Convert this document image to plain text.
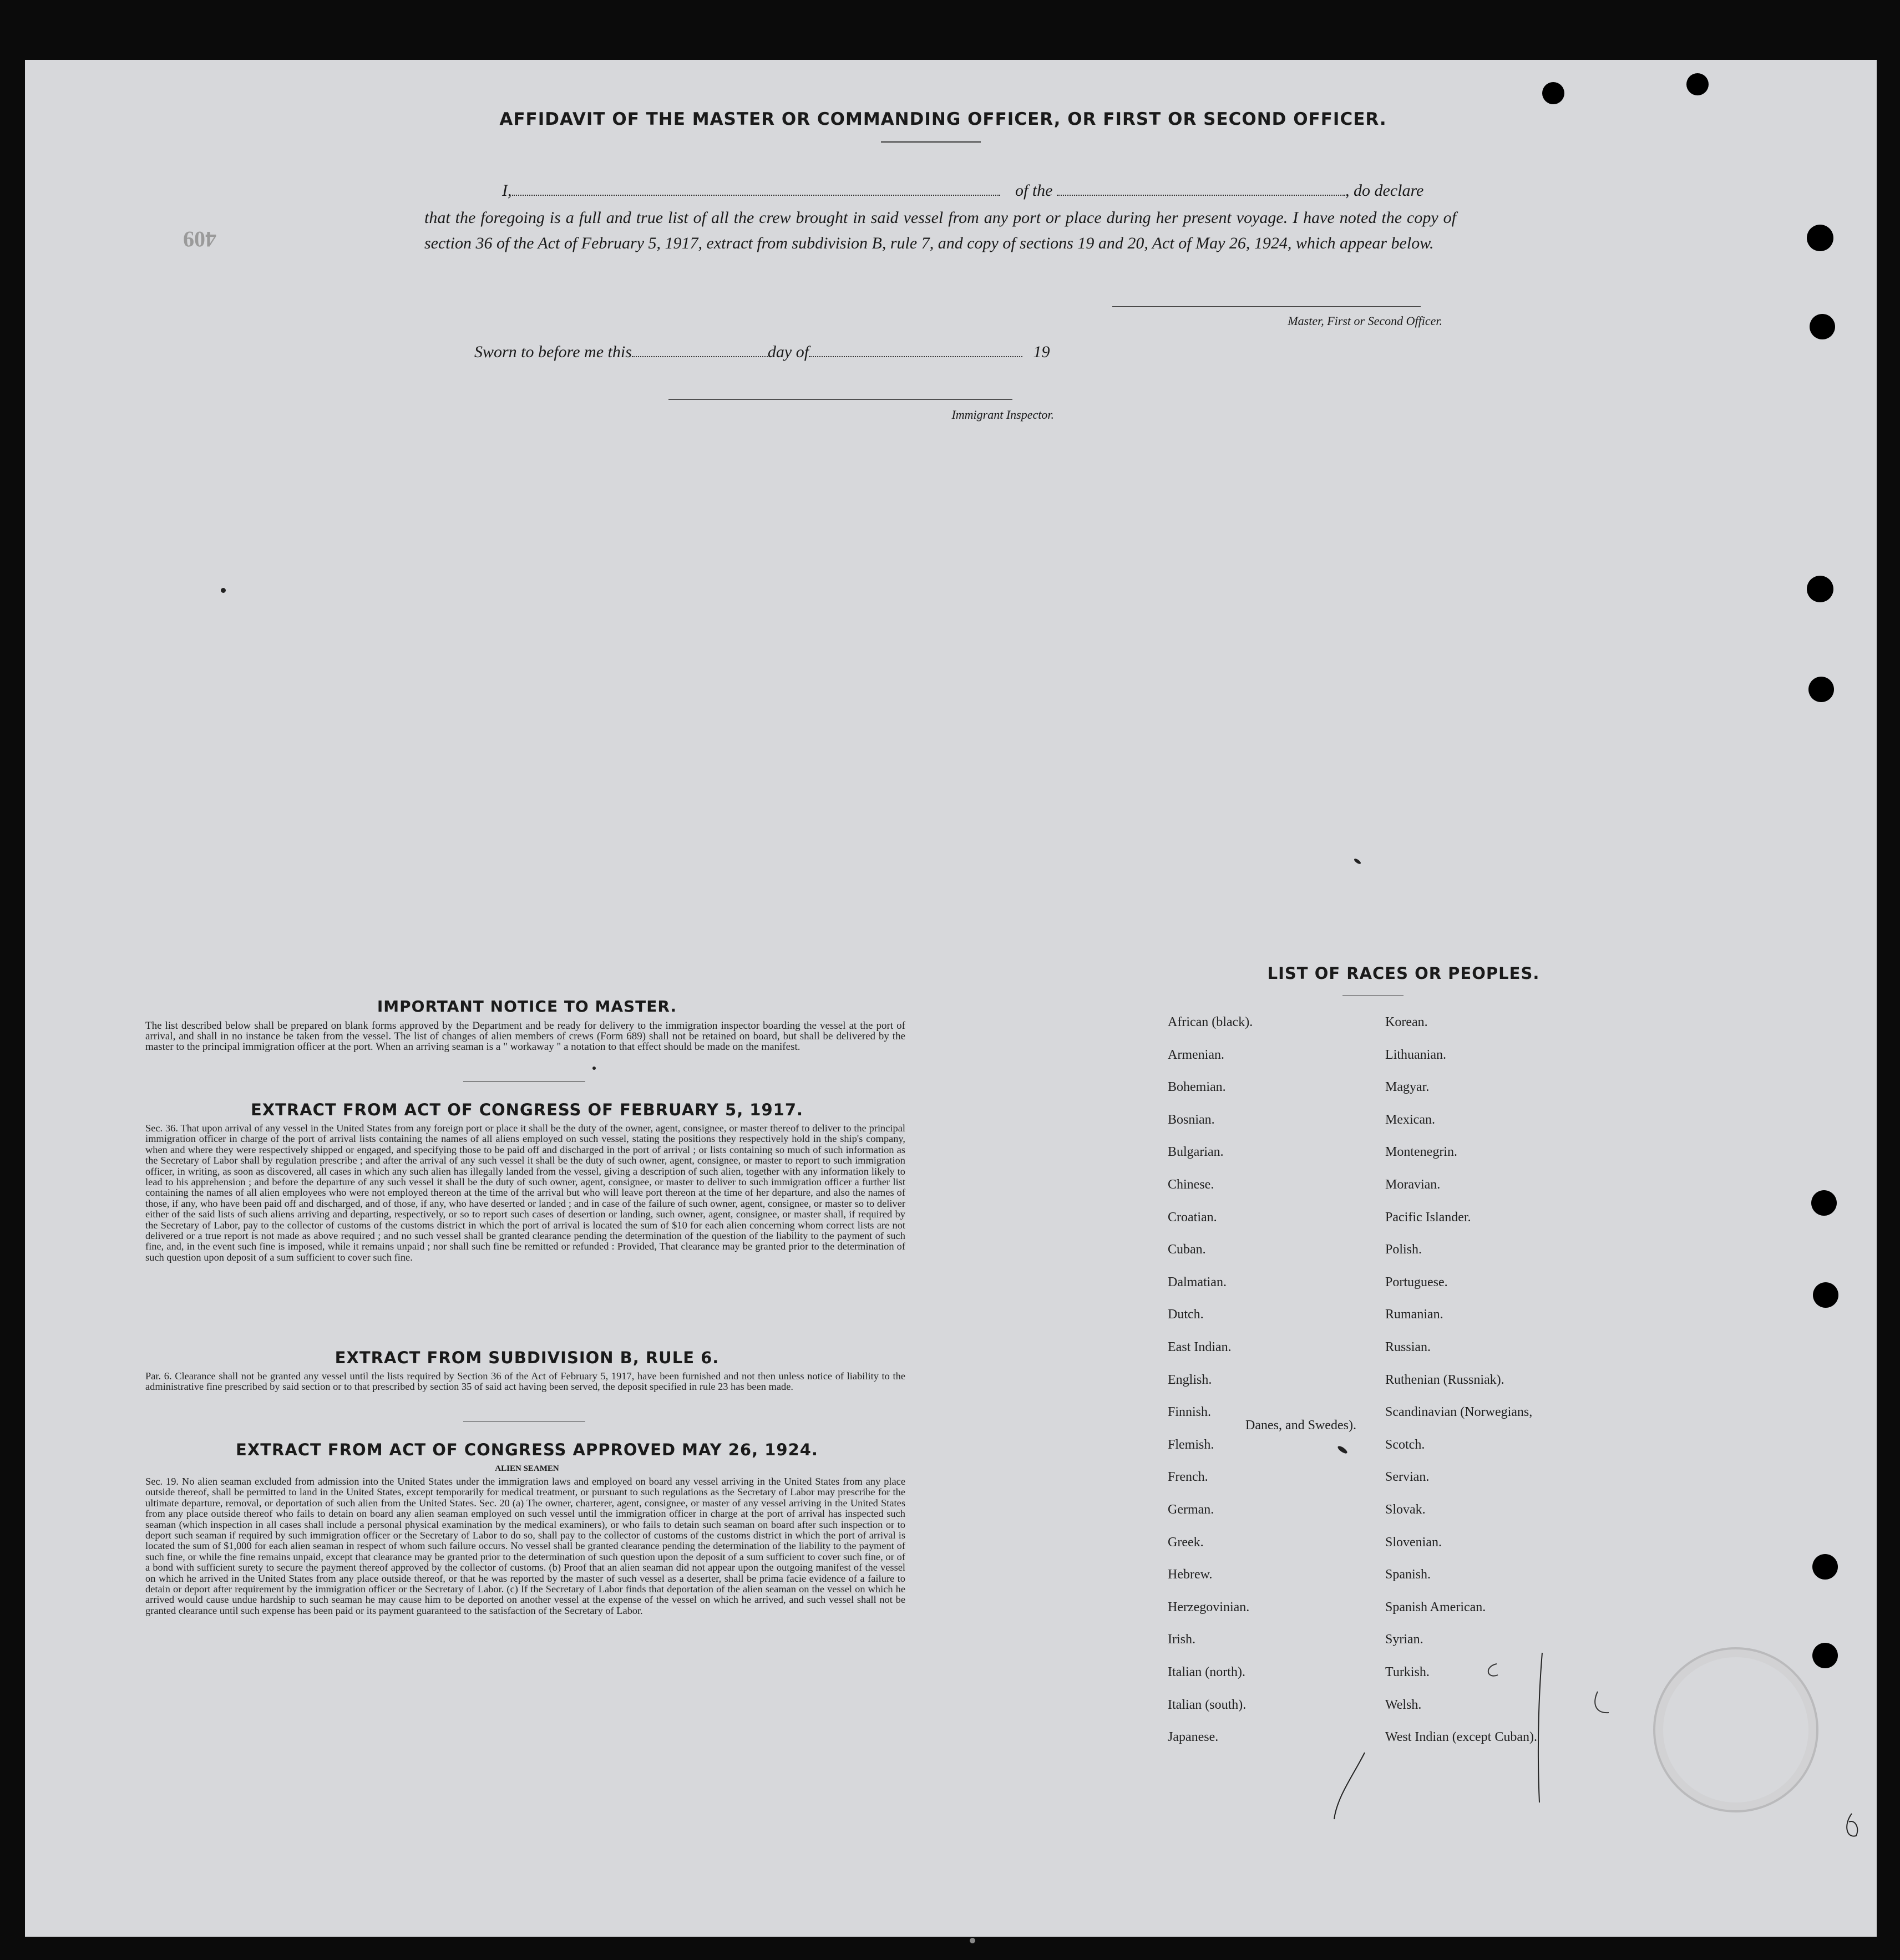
409
AFFIDAVIT OF THE MASTER OR COMMANDING OFFICER, OR FIRST OR SECOND OFFICER.
I,	of the	, do declare
that the foregoing is a full and true list of all the crew brought in said vessel from any port or place during her present voyage. I have noted the copy of section 36 of the Act of February 5, 1917, extract from subdivision B, rule 7, and copy of sections 19 and 20, Act of May 26, 1924, which appear below.
Master, First or Second Officer.
Sworn to before me this	day of	19
Immigrant Inspector.
IMPORTANT NOTICE TO MASTER.
The list described below shall be prepared on blank forms approved by the Department and be ready for delivery to the immigration inspector boarding the vessel at the port of arrival, and shall in no instance be taken from the vessel. The list of changes of alien members of crews (Form 689) shall not be retained on board, but shall be delivered by the master to the principal immigration officer at the port. When an arriving seaman is a " workaway " a notation to that effect should be made on the manifest.
EXTRACT FROM ACT OF CONGRESS OF FEBRUARY 5, 1917.
Sec. 36. That upon arrival of any vessel in the United States from any foreign port or place it shall be the duty of the owner, agent, consignee, or master thereof to deliver to the principal immigration officer in charge of the port of arrival lists containing the names of all aliens employed on such vessel, stating the positions they respectively hold in the ship's company, when and where they were respectively shipped or engaged, and specifying those to be paid off and discharged in the port of arrival ; or lists containing so much of such information as the Secretary of Labor shall by regulation prescribe ; and after the arrival of any such vessel it shall be the duty of such owner, agent, consignee, or master to report to such immigration officer, in writing, as soon as discovered, all cases in which any such alien has illegally landed from the vessel, giving a description of such alien, together with any information likely to lead to his apprehension ; and before the departure of any such vessel it shall be the duty of such owner, agent, consignee, or master to deliver to such immigration officer a further list containing the names of all alien employees who were not employed thereon at the time of the arrival but who will leave port thereon at the time of her departure, and also the names of those, if any, who have been paid off and discharged, and of those, if any, who have deserted or landed ; and in case of the failure of such owner, agent, consignee, or master so to deliver either of the said lists of such aliens arriving and departing, respectively, or so to report such cases of desertion or landing, such owner, agent, consignee, or master shall, if required by the Secretary of Labor, pay to the collector of customs of the customs district in which the port of arrival is located the sum of $10 for each alien concerning whom correct lists are not delivered or a true report is not made as above required ; and no such vessel shall be granted clearance pending the determination of the question of the liability to the payment of such fine, and, in the event such fine is imposed, while it remains unpaid ; nor shall such fine be remitted or refunded : Provided, That clearance may be granted prior to the determination of such question upon deposit of a sum sufficient to cover such fine.
EXTRACT FROM SUBDIVISION B, RULE 6.
Par. 6. Clearance shall not be granted any vessel until the lists required by Section 36 of the Act of February 5, 1917, have been furnished and not then unless notice of liability to the administrative fine prescribed by said section or to that prescribed by section 35 of said act having been served, the deposit specified in rule 23 has been made.
EXTRACT FROM ACT OF CONGRESS APPROVED MAY 26, 1924.
ALIEN SEAMEN
Sec. 19. No alien seaman excluded from admission into the United States under the immigration laws and employed on board any vessel arriving in the United States from any place outside thereof, shall be permitted to land in the United States, except temporarily for medical treatment, or pursuant to such regulations as the Secretary of Labor may prescribe for the ultimate departure, removal, or deportation of such alien from the United States. Sec. 20 (a) The owner, charterer, agent, consignee, or master of any vessel arriving in the United States from any place outside thereof who fails to detain on board any alien seaman employed on such vessel until the immigration officer in charge at the port of arrival has inspected such seaman (which inspection in all cases shall include a personal physical examination by the medical examiners), or who fails to detain such seaman on board after such inspection or to deport such seaman if required by such immigration officer or the Secretary of Labor to do so, shall pay to the collector of customs of the customs district in which the port of arrival is located the sum of $1,000 for each alien seaman in respect of whom such failure occurs. No vessel shall be granted clearance pending the determination of the liability to the payment of such fine, or while the fine remains unpaid, except that clearance may be granted prior to the determination of such question upon the deposit of a sum sufficient to cover such fine, or of a bond with sufficient surety to secure the payment thereof approved by the collector of customs. (b) Proof that an alien seaman did not appear upon the outgoing manifest of the vessel on which he arrived in the United States from any place outside thereof, or that he was reported by the master of such vessel as a deserter, shall be prima facie evidence of a failure to detain or deport after requirement by the immigration officer or the Secretary of Labor. (c) If the Secretary of Labor finds that deportation of the alien seaman on the vessel on which he arrived would cause undue hardship to such seaman he may cause him to be deported on another vessel at the expense of the vessel on which he arrived, and such vessel shall not be granted clearance until such expense has been paid or its payment guaranteed to the satisfaction of the Secretary of Labor.
LIST OF RACES OR PEOPLES.
African (black).
Armenian.
Bohemian.
Bosnian.
Bulgarian.
Chinese.
Croatian.
Cuban.
Dalmatian.
Dutch.
East Indian.
English.
Finnish.
Flemish.
French.
German.
Greek.
Hebrew.
Herzegovinian.
Irish.
Italian (north).
Italian (south).
Japanese.
Korean.
Lithuanian.
Magyar.
Mexican.
Montenegrin.
Moravian.
Pacific Islander.
Polish.
Portuguese.
Rumanian.
Russian.
Ruthenian (Russniak).
Scandinavian (Norwegians,
Danes, and Swedes).
Scotch.
Servian.
Slovak.
Slovenian.
Spanish.
Spanish American.
Syrian.
Turkish.
Welsh.
West Indian (except Cuban).
